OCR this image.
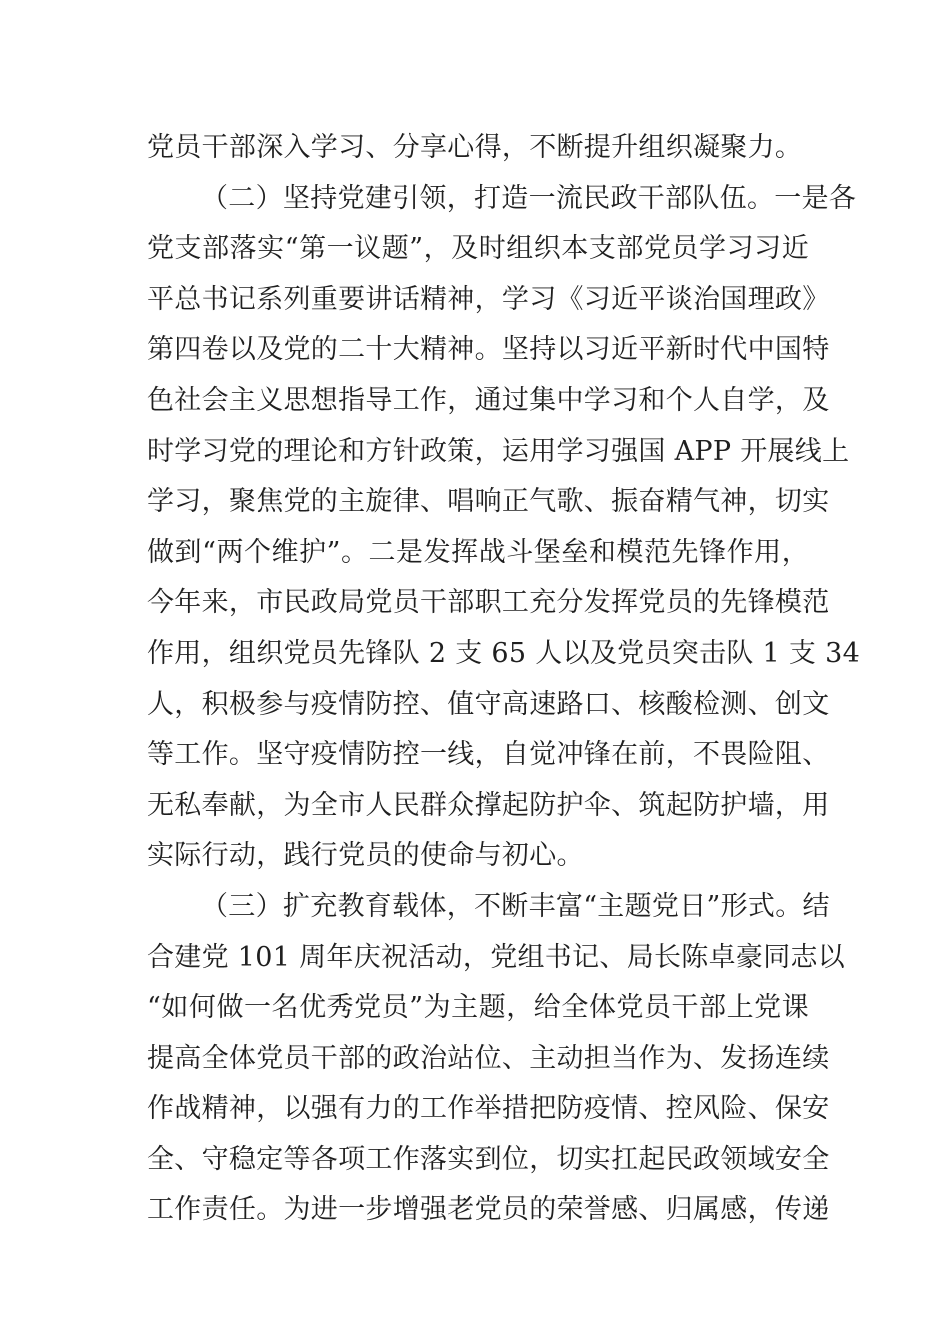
党员干部深入学习、分享心得，不断提升组织凝聚力。
（二）坚持党建引领，打造一流民政干部队伍。一是各
党支部落实“第一议题”，及时组织本支部党员学习习近
平总书记系列重要讲话精神，学习《习近平谈治国理政》
第四卷以及党的二十大精神。坚持以习近平新时代中国特
色社会主义思想指导工作，通过集中学习和个人自学，及
时学习党的理论和方针政策，运用学习强国 APP 开展线上
学习，聚焦党的主旋律、唱响正气歌、振奋精气神，切实
做到“两个维护”。二是发挥战斗堡垒和模范先锋作用，
今年来，市民政局党员干部职工充分发挥党员的先锋模范
作用，组织党员先锋队 2 支 65 人以及党员突击队 1 支 34
人，积极参与疫情防控、值守高速路口、核酸检测、创文
等工作。坚守疫情防控一线，自觉冲锋在前，不畏险阻、
无私奉献，为全市人民群众撑起防护伞、筑起防护墙，用
实际行动，践行党员的使命与初心。
（三）扩充教育载体，不断丰富“主题党日”形式。结
合建党 101 周年庆祝活动，党组书记、局长陈卓豪同志以
“如何做一名优秀党员”为主题，给全体党员干部上党课
提高全体党员干部的政治站位、主动担当作为、发扬连续
作战精神，以强有力的工作举措把防疫情、控风险、保安
全、守稳定等各项工作落实到位，切实扛起民政领域安全
工作责任。为进一步增强老党员的荣誉感、归属感，传递
